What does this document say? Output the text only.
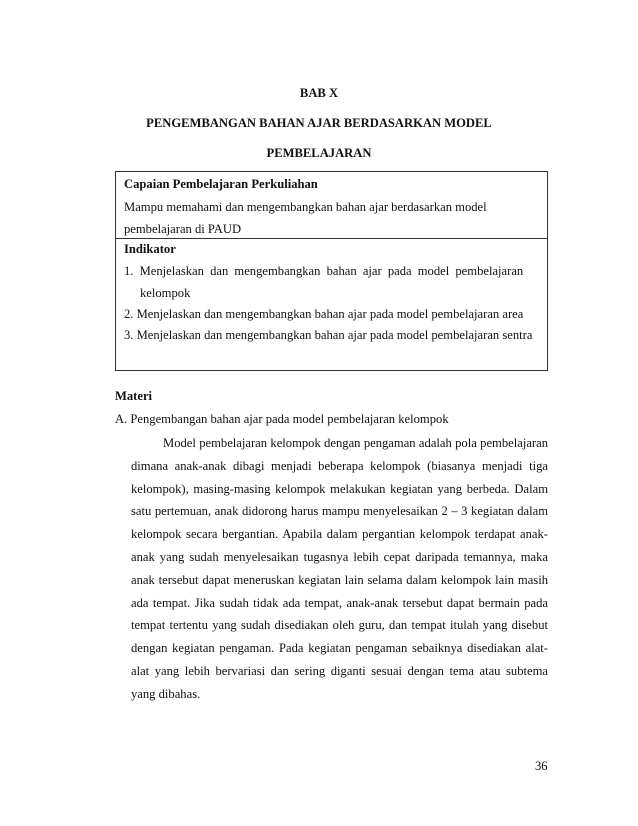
BAB X
PENGEMBANGAN BAHAN AJAR BERDASARKAN MODEL
PEMBELAJARAN
Capaian Pembelajaran Perkuliahan
Mampu memahami dan mengembangkan bahan ajar berdasarkan model
pembelajaran di PAUD
Indikator
1. Menjelaskan dan mengembangkan bahan ajar pada model pembelajaran
kelompok
2. Menjelaskan dan mengembangkan bahan ajar pada model pembelajaran area
3. Menjelaskan dan mengembangkan bahan ajar pada model pembelajaran sentra
Materi
A. Pengembangan bahan ajar pada model pembelajaran kelompok
Model pembelajaran kelompok dengan pengaman adalah pola pembelajaran dimana anak-anak dibagi menjadi beberapa kelompok (biasanya menjadi tiga kelompok), masing-masing kelompok melakukan kegiatan yang berbeda. Dalam satu pertemuan, anak didorong harus mampu menyelesaikan 2 – 3 kegiatan dalam kelompok secara bergantian. Apabila dalam pergantian kelompok terdapat anak-anak yang sudah menyelesaikan tugasnya lebih cepat daripada temannya, maka anak tersebut dapat meneruskan kegiatan lain selama dalam kelompok lain masih ada tempat. Jika sudah tidak ada tempat, anak-anak tersebut dapat bermain pada tempat tertentu yang sudah disediakan oleh guru, dan tempat itulah yang disebut dengan kegiatan pengaman. Pada kegiatan pengaman sebaiknya disediakan alat-alat yang lebih bervariasi dan sering diganti sesuai dengan tema atau subtema yang dibahas.
36
